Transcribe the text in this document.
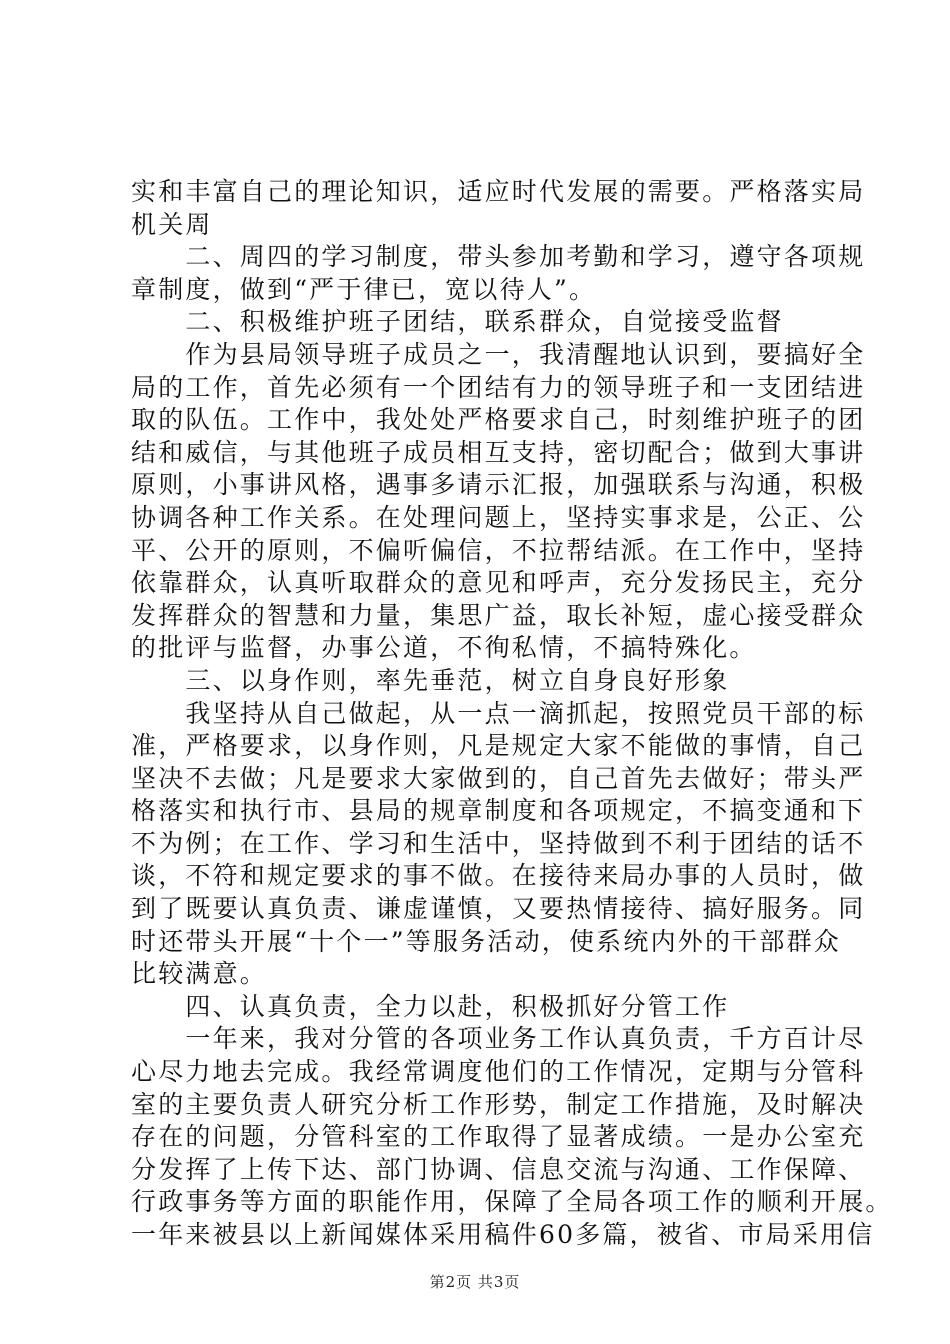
实和丰富自己的理论知识，适应时代发展的需要。严格落实局
机关周
　　二、周四的学习制度，带头参加考勤和学习，遵守各项规
章制度，做到“严于律已，宽以待人”。
　　二、积极维护班子团结，联系群众，自觉接受监督
　　作为县局领导班子成员之一，我清醒地认识到，要搞好全
局的工作，首先必须有一个团结有力的领导班子和一支团结进
取的队伍。工作中，我处处严格要求自己，时刻维护班子的团
结和威信，与其他班子成员相互支持，密切配合；做到大事讲
原则，小事讲风格，遇事多请示汇报，加强联系与沟通，积极
协调各种工作关系。在处理问题上，坚持实事求是，公正、公
平、公开的原则，不偏听偏信，不拉帮结派。在工作中，坚持
依靠群众，认真听取群众的意见和呼声，充分发扬民主，充分
发挥群众的智慧和力量，集思广益，取长补短，虚心接受群众
的批评与监督，办事公道，不徇私情，不搞特殊化。
　　三、以身作则，率先垂范，树立自身良好形象
　　我坚持从自己做起，从一点一滴抓起，按照党员干部的标
准，严格要求，以身作则，凡是规定大家不能做的事情，自己
坚决不去做；凡是要求大家做到的，自己首先去做好；带头严
格落实和执行市、县局的规章制度和各项规定，不搞变通和下
不为例；在工作、学习和生活中，坚持做到不利于团结的话不
谈，不符和规定要求的事不做。在接待来局办事的人员时，做
到了既要认真负责、谦虚谨慎，又要热情接待、搞好服务。同
时还带头开展“十个一”等服务活动，使系统内外的干部群众
比较满意。
　　四、认真负责，全力以赴，积极抓好分管工作
　　一年来，我对分管的各项业务工作认真负责，千方百计尽
心尽力地去完成。我经常调度他们的工作情况，定期与分管科
室的主要负责人研究分析工作形势，制定工作措施，及时解决
存在的问题，分管科室的工作取得了显著成绩。一是办公室充
分发挥了上传下达、部门协调、信息交流与沟通、工作保障、
行政事务等方面的职能作用，保障了全局各项工作的顺利开展。
一年来被县以上新闻媒体采用稿件60多篇，被省、市局采用信
第2页 共3页
